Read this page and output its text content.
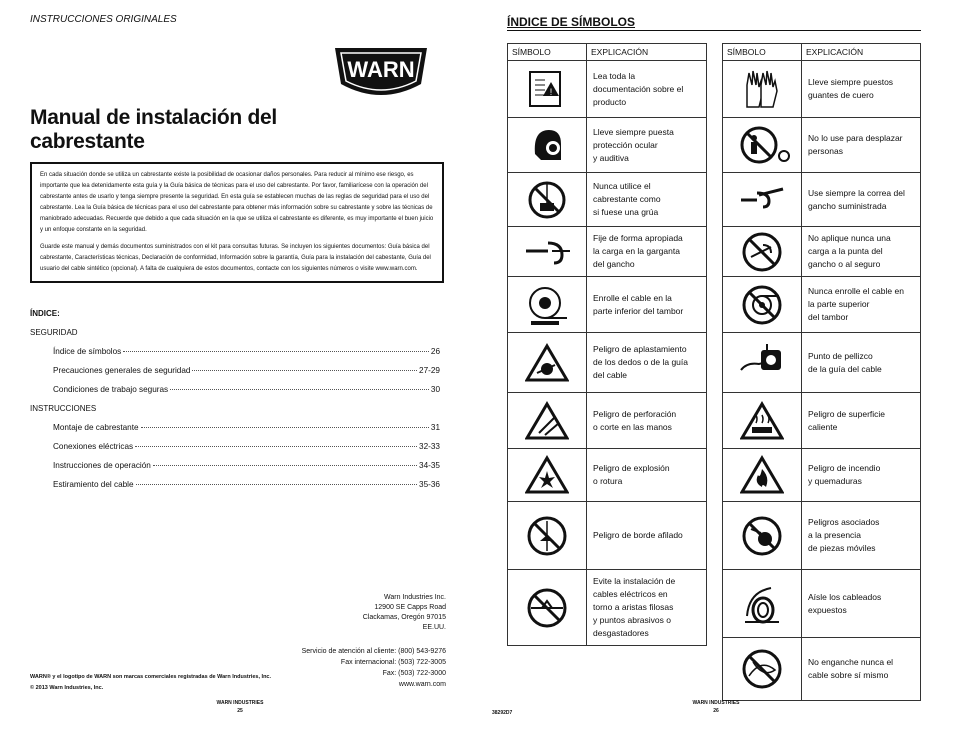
INSTRUCCIONES ORIGINALES
WARN
Manual de instalación del
cabrestante

En cada situación donde se utiliza un cabrestante existe la posibilidad de ocasionar daños personales. Para reducir al mínimo ese riesgo, es importante que lea detenidamente esta guía y la Guía básica de técnicas para el uso del cabrestante. Por favor, familiarícese con la operación del cabrestante antes de usarlo y tenga siempre presente la seguridad. En esta guía se establecen muchas de las reglas de seguridad para el uso del cabrestante. Lea la Guía básica de técnicas para el uso del cabrestante para obtener más información sobre su cabrestante y sobre las técnicas de maniobrado adecuadas. Recuerde que debido a que cada situación en la que se utiliza el cabrestante es diferente, es muy importante el buen juicio y un enfoque constante en la seguridad.

Guarde este manual y demás documentos suministrados con el kit para consultas futuras. Se incluyen los siguientes documentos: Guía básica del cabrestante, Características técnicas, Declaración de conformidad, Información sobre la garantía, Guía para la instalación del cabestante, Guía del usuario del cable sintético (opcional). A falta de cualquiera de estos documentos, contacte con los siguientes números o visite www.warn.com.

ÍNDICE:
SEGURIDAD
INSTRUCCIONES
Índice de símbolos	26
Precauciones generales de seguridad	27-29
Condiciones de trabajo seguras	30
Montaje de cabrestante	31
Conexiones eléctricas	32-33
Instrucciones de operación	34-35
Estiramiento del cable	35-36
Warn Industries Inc.
12900 SE Capps Road
Clackamas, Oregón 97015
EE.UU.
Servicio de atención al cliente: (800) 543-9276
Fax internacional: (503) 722-3005
Fax: (503) 722-3000
www.warn.com
WARN® y el logotipo de WARN son marcas comerciales registradas de Warn Industries, Inc.
© 2013 Warn Industries, Inc.
WARN INDUSTRIES
25
ÍNDICE DE SÍMBOLOS
SÍMBOLO	EXPLICACIÓN

!	Lea toda la
documentación sobre el
producto

Lleve siempre puesta
protección ocular
y auditiva

Nunca utilice el
cabrestante como
si fuese una grúa

Fije de forma apropiada
la carga en la garganta
del gancho

Enrolle el cable en la
parte inferior del tambor

Peligro de aplastamiento
de los dedos o de la guía
del cable

Peligro de perforación
o corte en las manos

Peligro de explosión
o rotura

Peligro de borde afilado

Evite la instalación de
cables eléctricos en
torno a aristas filosas
y puntos abrasivos o
desgastadores
SÍMBOLO	EXPLICACIÓN

Lleve siempre puestos
guantes de cuero

No lo use para desplazar
personas

Use siempre la correa del
gancho suministrada

No aplique nunca una
carga a la punta del
gancho o al seguro

Nunca enrolle el cable en
la parte superior
del tambor

Punto de pellizco
de la guía del cable

Peligro de superficie
caliente

Peligro de incendio
y quemaduras

Peligros asociados
a la presencia
de piezas móviles

Aísle los cableados
expuestos

No enganche nunca el
cable sobre sí mismo
38292D7
WARN INDUSTRIES
26
